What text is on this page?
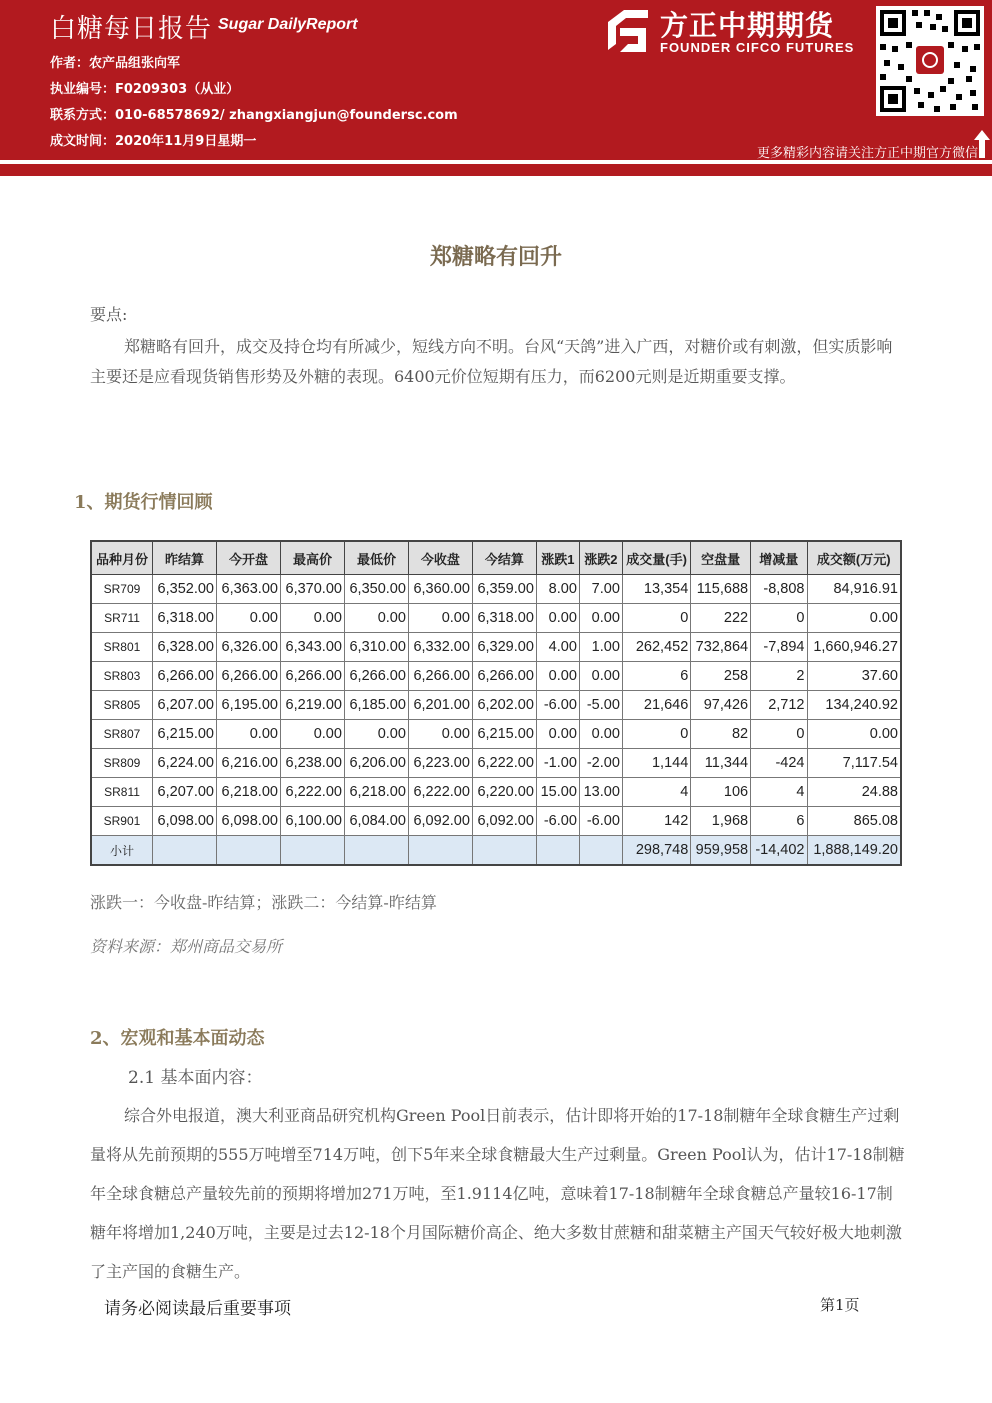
白糖每日报告 Sugar DailyReport
作者：农产品组张向军
执业编号：F0209303（从业）
联系方式：010-68578692/ zhangxiangjun@foundersc.com
成文时间：2020年11月9日星期一
方正中期期货
FOUNDER CIFCO FUTURES
更多精彩内容请关注方正中期官方微信
郑糖略有回升
要点:
郑糖略有回升，成交及持仓均有所减少，短线方向不明。台风“天鸽”进入广西，对糖价或有刺激，但实质影响主要还是应看现货销售形势及外糖的表现。6400元价位短期有压力，而6200元则是近期重要支撑。
1、期货行情回顾
品种月份	昨结算	今开盘	最高价	最低价	今收盘	今结算	涨跌1	涨跌2	成交量(手)	空盘量	增减量	成交额(万元)
SR709	6,352.00	6,363.00	6,370.00	6,350.00	6,360.00	6,359.00	8.00	7.00	13,354	115,688	-8,808	84,916.91
SR711	6,318.00	0.00	0.00	0.00	0.00	6,318.00	0.00	0.00	0	222	0	0.00
SR801	6,328.00	6,326.00	6,343.00	6,310.00	6,332.00	6,329.00	4.00	1.00	262,452	732,864	-7,894	1,660,946.27
SR803	6,266.00	6,266.00	6,266.00	6,266.00	6,266.00	6,266.00	0.00	0.00	6	258	2	37.60
SR805	6,207.00	6,195.00	6,219.00	6,185.00	6,201.00	6,202.00	-6.00	-5.00	21,646	97,426	2,712	134,240.92
SR807	6,215.00	0.00	0.00	0.00	0.00	6,215.00	0.00	0.00	0	82	0	0.00
SR809	6,224.00	6,216.00	6,238.00	6,206.00	6,223.00	6,222.00	-1.00	-2.00	1,144	11,344	-424	7,117.54
SR811	6,207.00	6,218.00	6,222.00	6,218.00	6,222.00	6,220.00	15.00	13.00	4	106	4	24.88
SR901	6,098.00	6,098.00	6,100.00	6,084.00	6,092.00	6,092.00	-6.00	-6.00	142	1,968	6	865.08
小计									298,748	959,958	-14,402	1,888,149.20
涨跌一：今收盘-昨结算；涨跌二：今结算-昨结算
资料来源：郑州商品交易所
2、宏观和基本面动态
2.1 基本面内容：
综合外电报道，澳大利亚商品研究机构Green Pool日前表示，估计即将开始的17-18制糖年全球食糖生产过剩量将从先前预期的555万吨增至714万吨，创下5年来全球食糖最大生产过剩量。Green Pool认为，估计17-18制糖年全球食糖总产量较先前的预期将增加271万吨，至1.9114亿吨，意味着17-18制糖年全球食糖总产量较16-17制糖年将增加1,240万吨，主要是过去12-18个月国际糖价高企、绝大多数甘蔗糖和甜菜糖主产国天气较好极大地刺激了主产国的食糖生产。
请务必阅读最后重要事项	第1页
